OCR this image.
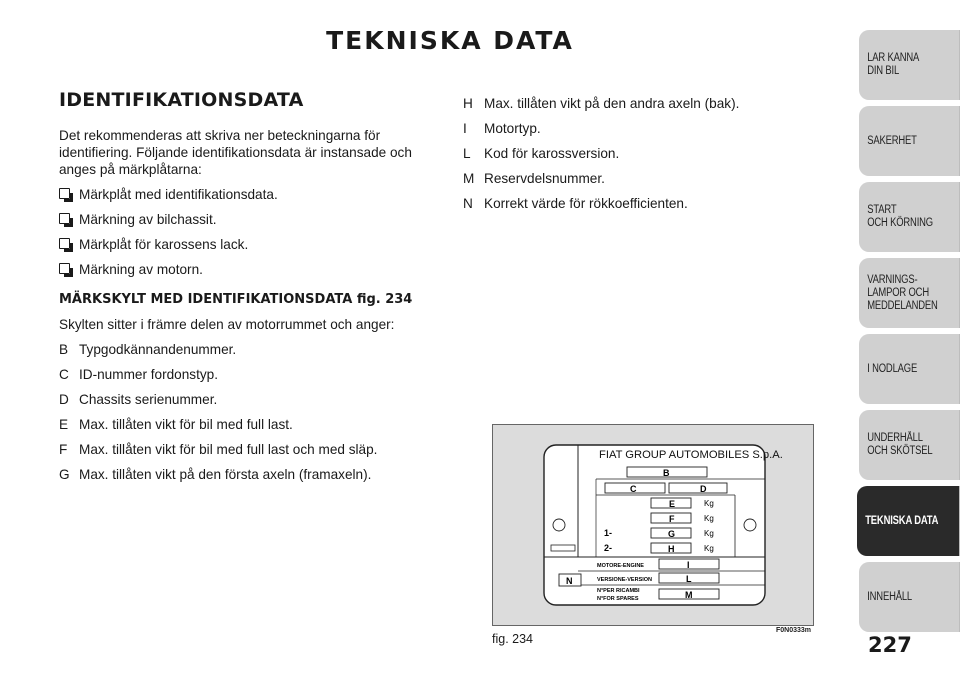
TEKNISKA DATA
IDENTIFIKATIONSDATA
Det rekommenderas att skriva ner beteckningarna för identifiering. Följande identifikationsdata är instansade och anges på märkplåtarna:
Märkplåt med identifikationsdata.
Märkning av bilchassit.
Märkplåt för karossens lack.
Märkning av motorn.
MÄRKSKYLT MED IDENTIFIKATIONSDATA fig. 234
Skylten sitter i främre delen av motorrummet och anger:
B Typgodkännandenummer.
C ID-nummer fordonstyp.
D Chassits serienummer.
E Max. tillåten vikt för bil med full last.
F Max. tillåten vikt för bil med full last och med släp.
G Max. tillåten vikt på den första axeln (framaxeln).
H Max. tillåten vikt på den andra axeln (bak).
I	Motortyp.
L Kod för karossversion.
M Reservdelsnummer.
N Korrekt värde för rökkoefficienten.
FIAT GROUP AUTOMOBILES S.p.A.
B
C	D
E	Kg
F	Kg
1-	G	Kg
2-	H	Kg
MOTORE-ENGINE	I
VERSIONE-VERSION	L
N°PER RICAMBI
N°FOR SPARES	M
N
fig. 234
F0N0333m
227
LÄR KÄNNA
DIN BIL
SÄKERHET
START
OCH KÖRNING
VARNINGS-
LAMPOR OCH
MEDDELANDEN
I NÖDLÄGE
UNDERHÅLL
OCH SKÖTSEL
TEKNISKA DATA
INNEHÅLL
